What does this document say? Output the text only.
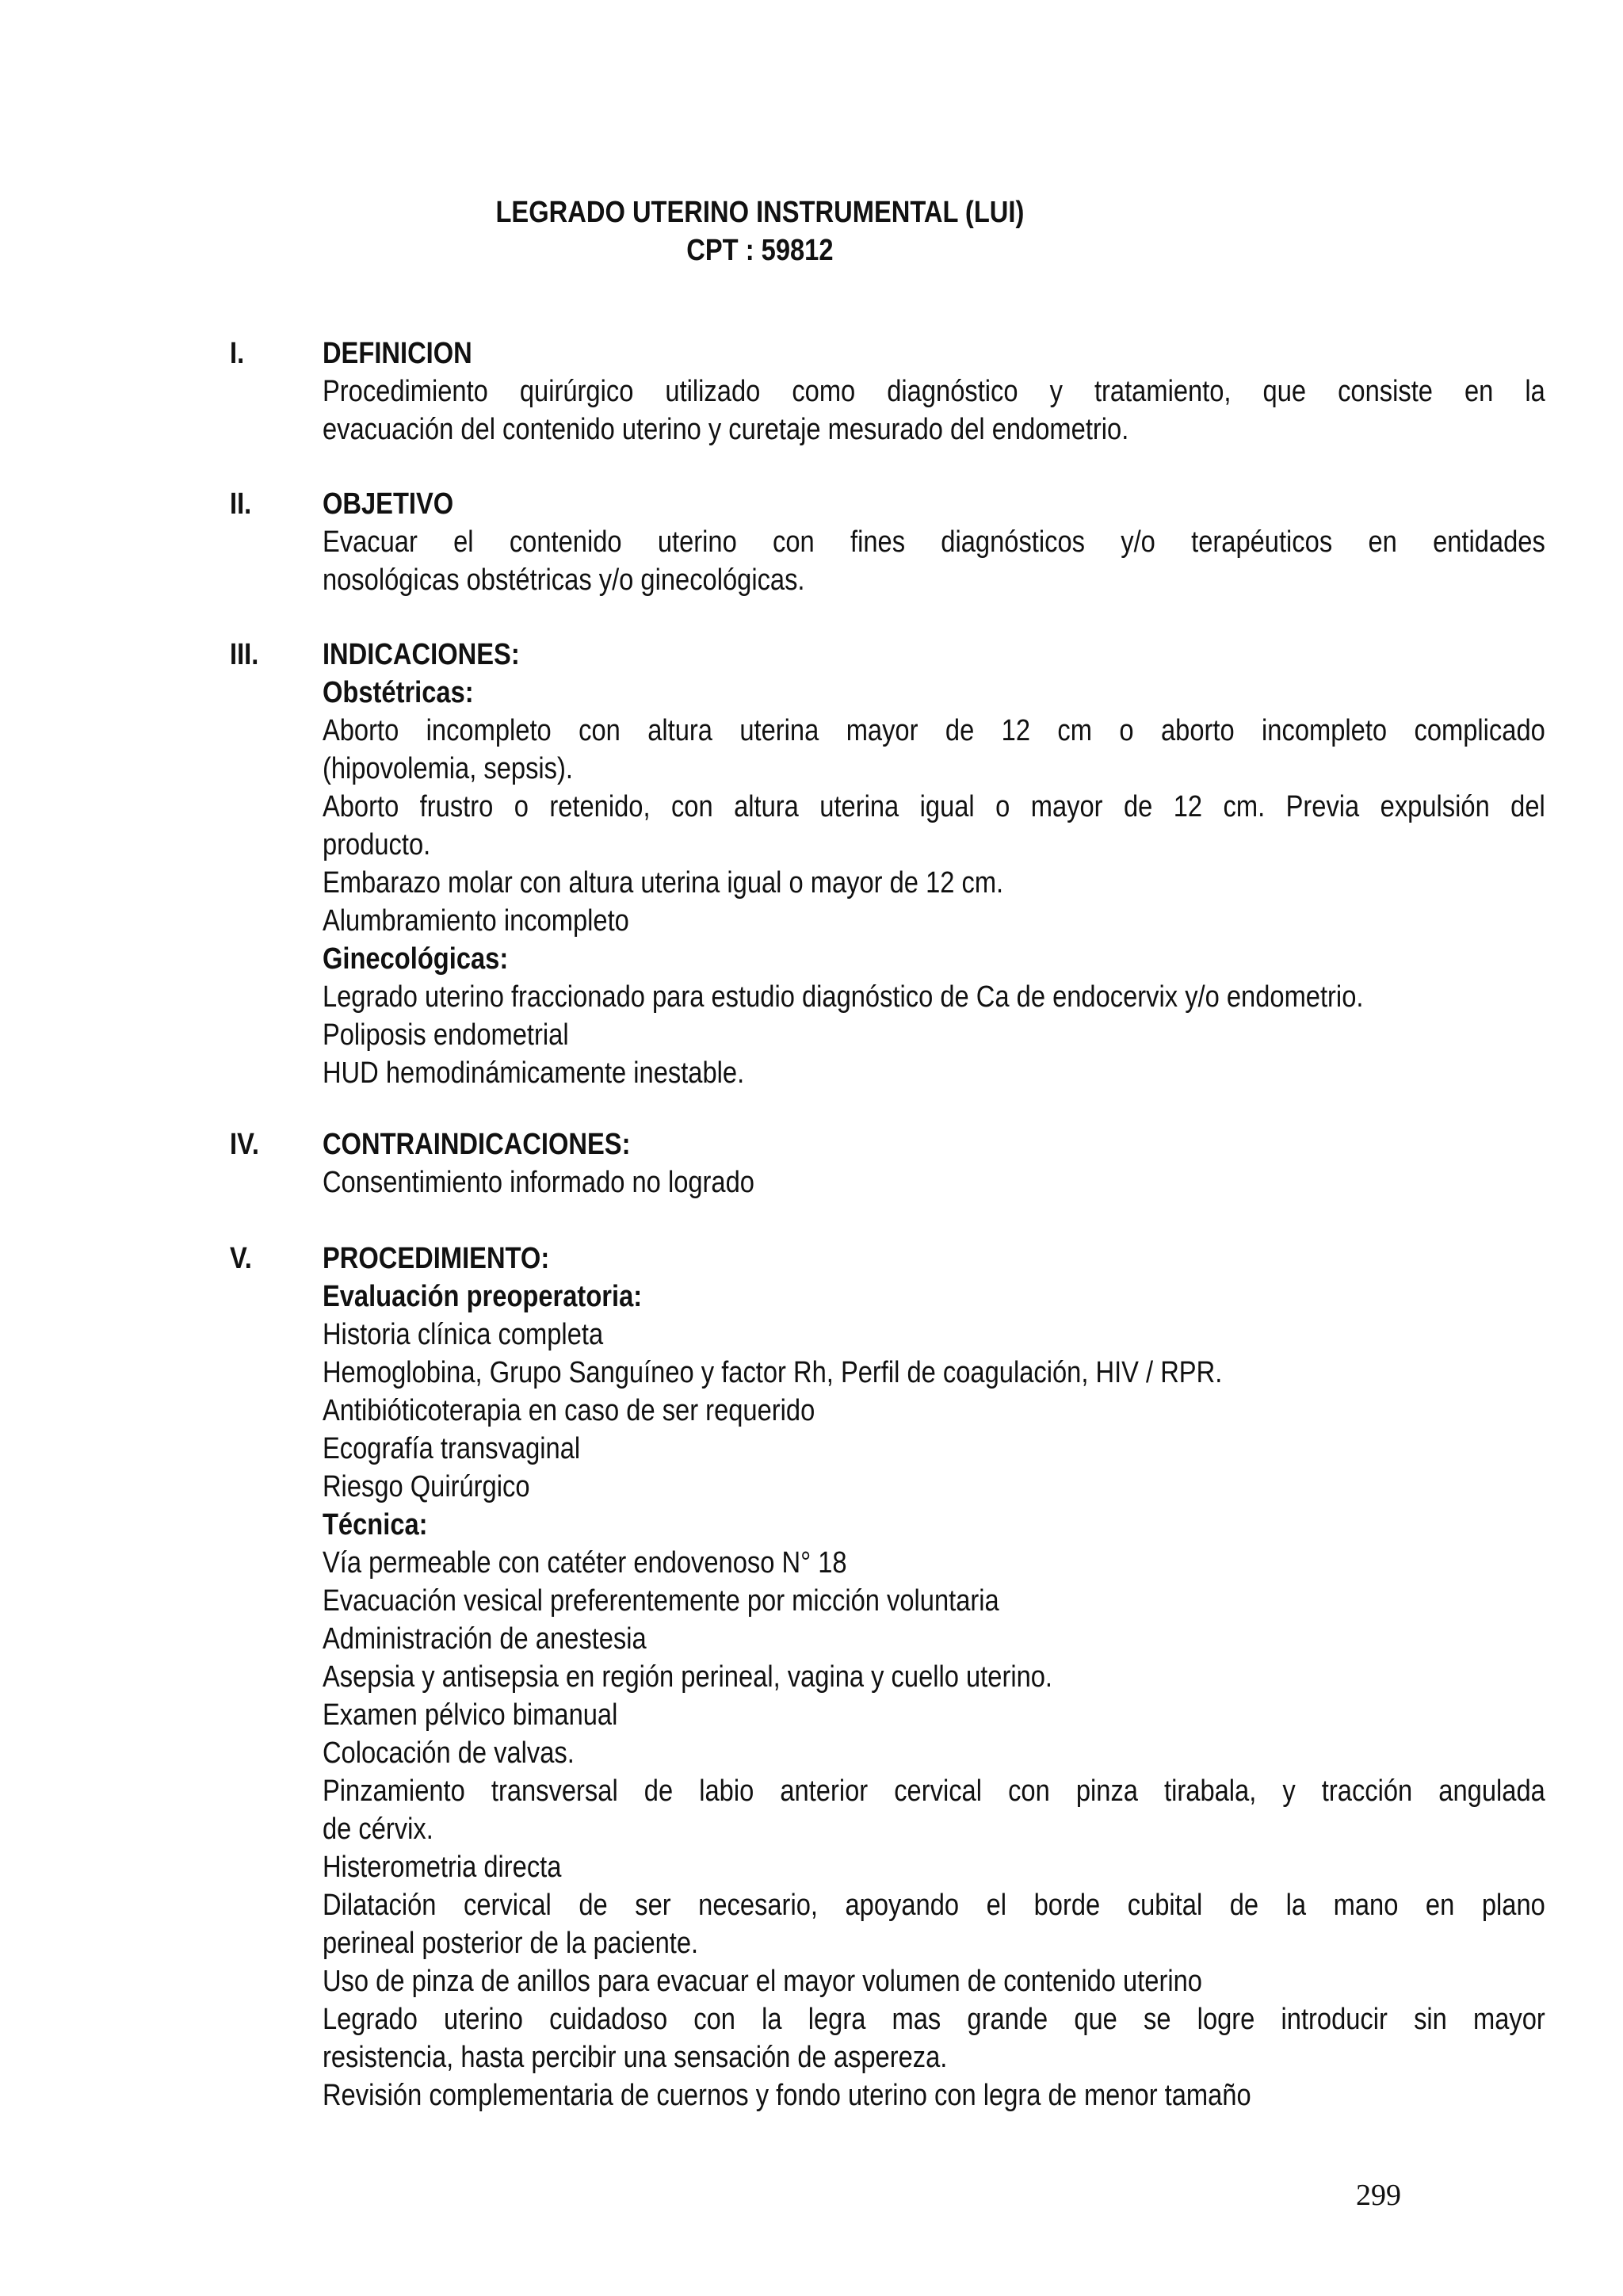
LEGRADO UTERINO INSTRUMENTAL (LUI)
CPT : 59812
I.	DEFINICION
Procedimiento quirúrgico utilizado como diagnóstico y tratamiento, que consiste en la
evacuación del contenido uterino y curetaje mesurado del endometrio.
II. OBJETIVO
Evacuar el contenido uterino con fines diagnósticos y/o terapéuticos en entidades
nosológicas obstétricas y/o ginecológicas.
III. INDICACIONES:
Obstétricas:
Aborto incompleto con altura uterina mayor de 12 cm o aborto incompleto complicado
(hipovolemia, sepsis).
Aborto frustro o retenido, con altura uterina igual o mayor de 12 cm. Previa expulsión del
producto.
Embarazo molar con altura uterina igual o mayor de 12 cm.
Alumbramiento incompleto
Ginecológicas:
Legrado uterino fraccionado para estudio diagnóstico de Ca de endocervix y/o endometrio.
Poliposis endometrial
HUD hemodinámicamente inestable.
IV. CONTRAINDICACIONES:
Consentimiento informado no logrado
V. PROCEDIMIENTO:
Evaluación preoperatoria:
Historia clínica completa
Hemoglobina, Grupo Sanguíneo y factor Rh, Perfil de coagulación, HIV / RPR.
Antibióticoterapia en caso de ser requerido
Ecografía transvaginal
Riesgo Quirúrgico
Técnica:
Vía permeable con catéter endovenoso N° 18
Evacuación vesical preferentemente por micción voluntaria
Administración de anestesia
Asepsia y antisepsia en región perineal, vagina y cuello uterino.
Examen pélvico bimanual
Colocación de valvas.
Pinzamiento transversal de labio anterior cervical con pinza tirabala, y tracción angulada
de cérvix.
Histerometria directa
Dilatación cervical de ser necesario, apoyando el borde cubital de la mano en plano
perineal posterior de la paciente.
Uso de pinza de anillos para evacuar el mayor volumen de contenido uterino
Legrado uterino cuidadoso con la legra mas grande que se logre introducir sin mayor
resistencia, hasta percibir una sensación de aspereza.
Revisión complementaria de cuernos y fondo uterino con legra de menor tamaño
299
